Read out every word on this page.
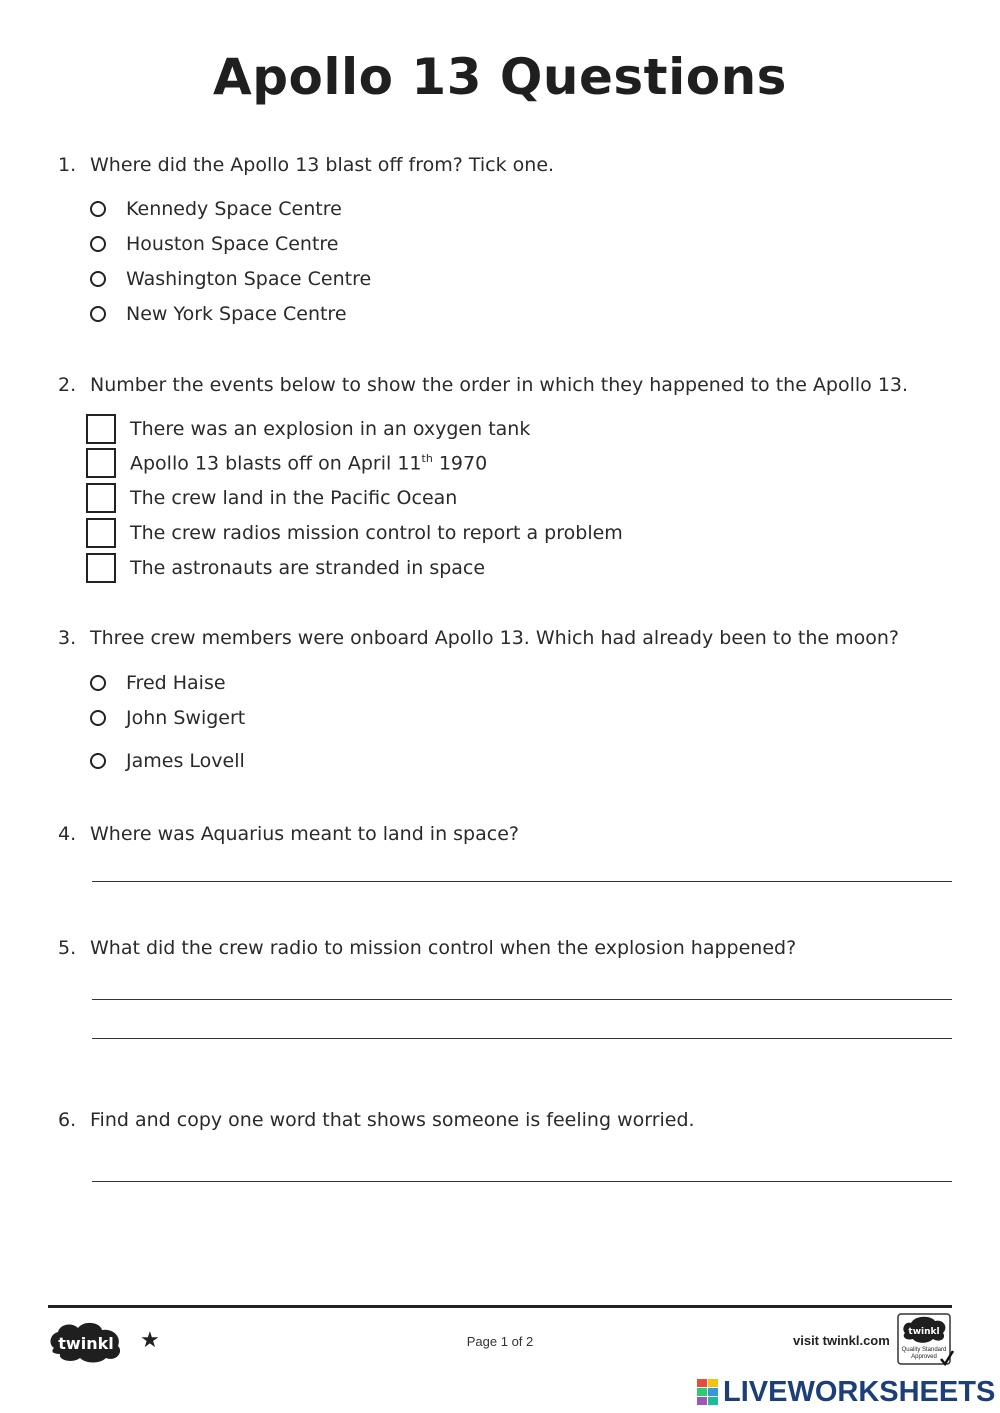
Apollo 13 Questions
1. Where did the Apollo 13 blast off from? Tick one.
Kennedy Space Centre
Houston Space Centre
Washington Space Centre
New York Space Centre
2. Number the events below to show the order in which they happened to the Apollo 13.
There was an explosion in an oxygen tank
Apollo 13 blasts off on April 11th 1970
The crew land in the Pacific Ocean
The crew radios mission control to report a problem
The astronauts are stranded in space
3. Three crew members were onboard Apollo 13. Which had already been to the moon?
Fred Haise
John Swigert
James Lovell
4. Where was Aquarius meant to land in space?
5. What did the crew radio to mission control when the explosion happened?
6. Find and copy one word that shows someone is feeling worried.
twinkl ★	Page 1 of 2	visit twinkl.com
twinkl
Quality Standard
Approved
LIVEWORKSHEETS
